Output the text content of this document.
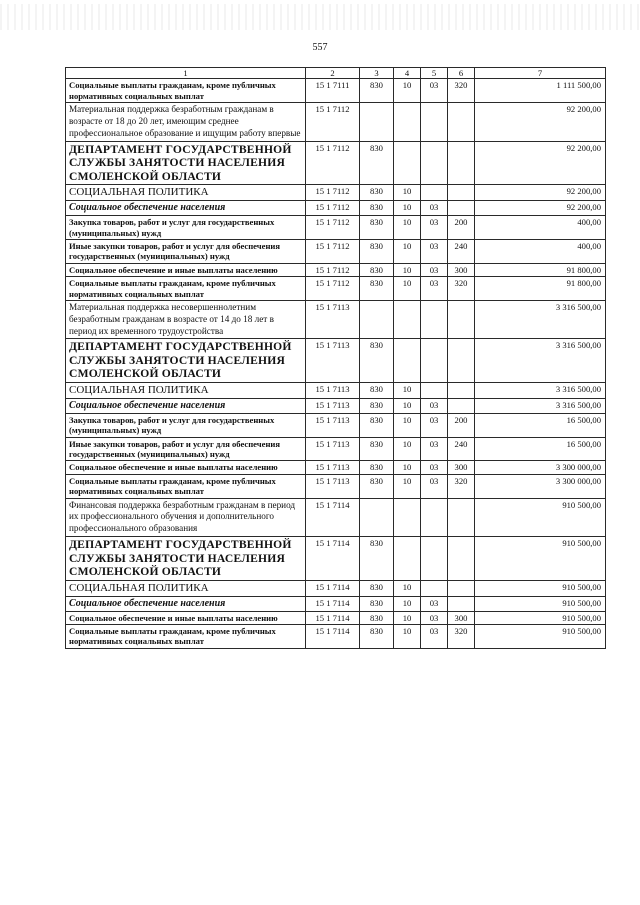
557
1	2	3	4	5	6	7
Социальные выплаты гражданам, кроме публичных нормативных социальных выплат	15 1 7111	830	10	03	320	1 111 500,00
Материальная поддержка безработным гражданам в возрасте от 18 до 20 лет, имеющим среднее профессиональное образование и ищущим работу впервые	15 1 7112					92 200,00
ДЕПАРТАМЕНТ ГОСУДАРСТВЕННОЙ СЛУЖБЫ ЗАНЯТОСТИ НАСЕЛЕНИЯ СМОЛЕНСКОЙ ОБЛАСТИ	15 1 7112	830				92 200,00
СОЦИАЛЬНАЯ ПОЛИТИКА	15 1 7112	830	10			92 200,00
Социальное обеспечение населения	15 1 7112	830	10	03		92 200,00
Закупка товаров, работ и услуг для государственных (муниципальных) нужд	15 1 7112	830	10	03	200	400,00
Иные закупки товаров, работ и услуг для обеспечения государственных (муниципальных) нужд	15 1 7112	830	10	03	240	400,00
Социальное обеспечение и иные выплаты населению	15 1 7112	830	10	03	300	91 800,00
Социальные выплаты гражданам, кроме публичных нормативных социальных выплат	15 1 7112	830	10	03	320	91 800,00
Материальная поддержка несовершеннолетним безработным гражданам в возрасте от 14 до 18 лет в период их временного трудоустройства	15 1 7113					3 316 500,00
ДЕПАРТАМЕНТ ГОСУДАРСТВЕННОЙ СЛУЖБЫ ЗАНЯТОСТИ НАСЕЛЕНИЯ СМОЛЕНСКОЙ ОБЛАСТИ	15 1 7113	830				3 316 500,00
СОЦИАЛЬНАЯ ПОЛИТИКА	15 1 7113	830	10			3 316 500,00
Социальное обеспечение населения	15 1 7113	830	10	03		3 316 500,00
Закупка товаров, работ и услуг для государственных (муниципальных) нужд	15 1 7113	830	10	03	200	16 500,00
Иные закупки товаров, работ и услуг для обеспечения государственных (муниципальных) нужд	15 1 7113	830	10	03	240	16 500,00
Социальное обеспечение и иные выплаты населению	15 1 7113	830	10	03	300	3 300 000,00
Социальные выплаты гражданам, кроме публичных нормативных социальных выплат	15 1 7113	830	10	03	320	3 300 000,00
Финансовая поддержка безработным гражданам в период их профессионального обучения и дополнительного профессионального образования	15 1 7114					910 500,00
ДЕПАРТАМЕНТ ГОСУДАРСТВЕННОЙ СЛУЖБЫ ЗАНЯТОСТИ НАСЕЛЕНИЯ СМОЛЕНСКОЙ ОБЛАСТИ	15 1 7114	830				910 500,00
СОЦИАЛЬНАЯ ПОЛИТИКА	15 1 7114	830	10			910 500,00
Социальное обеспечение населения	15 1 7114	830	10	03		910 500,00
Социальное обеспечение и иные выплаты населению	15 1 7114	830	10	03	300	910 500,00
Социальные выплаты гражданам, кроме публичных нормативных социальных выплат	15 1 7114	830	10	03	320	910 500,00
